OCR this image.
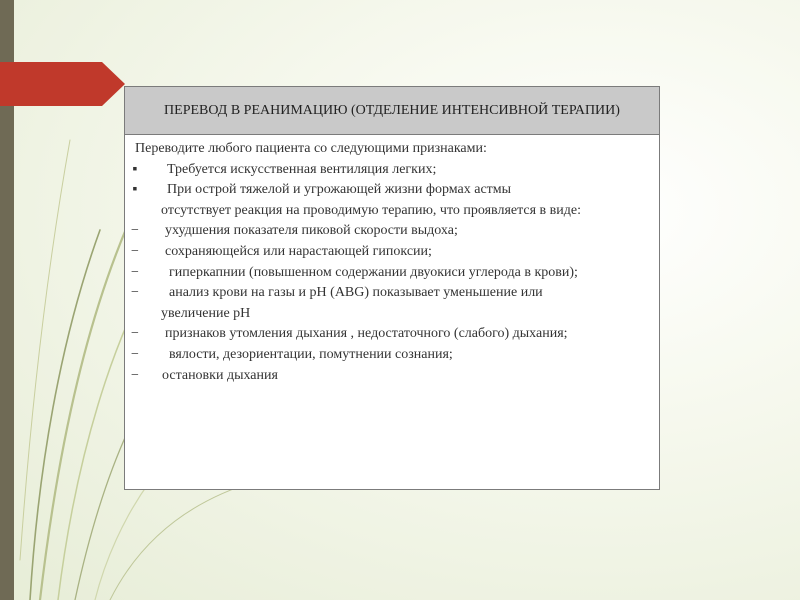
ПЕРЕВОД В РЕАНИМАЦИЮ (ОТДЕЛЕНИЕ ИНТЕНСИВНОЙ ТЕРАПИИ)
Переводите любого пациента со следующими признаками:
▪ Требуется искусственная вентиляция легких;
▪ При острой тяжелой и угрожающей жизни формах астмы
отсутствует реакция на проводимую терапию, что проявляется в виде:
− ухудшения показателя пиковой скорости выдоха;
− сохраняющейся или нарастающей гипоксии;
− гиперкапнии (повышенном содержании двуокиси углерода в крови);
− анализ крови на газы и pH (ABG) показывает уменьшение или
увеличение pH
− признаков утомления дыхания , недостаточного (слабого) дыхания;
− вялости, дезориентации, помутнении сознания;
− остановки дыхания
